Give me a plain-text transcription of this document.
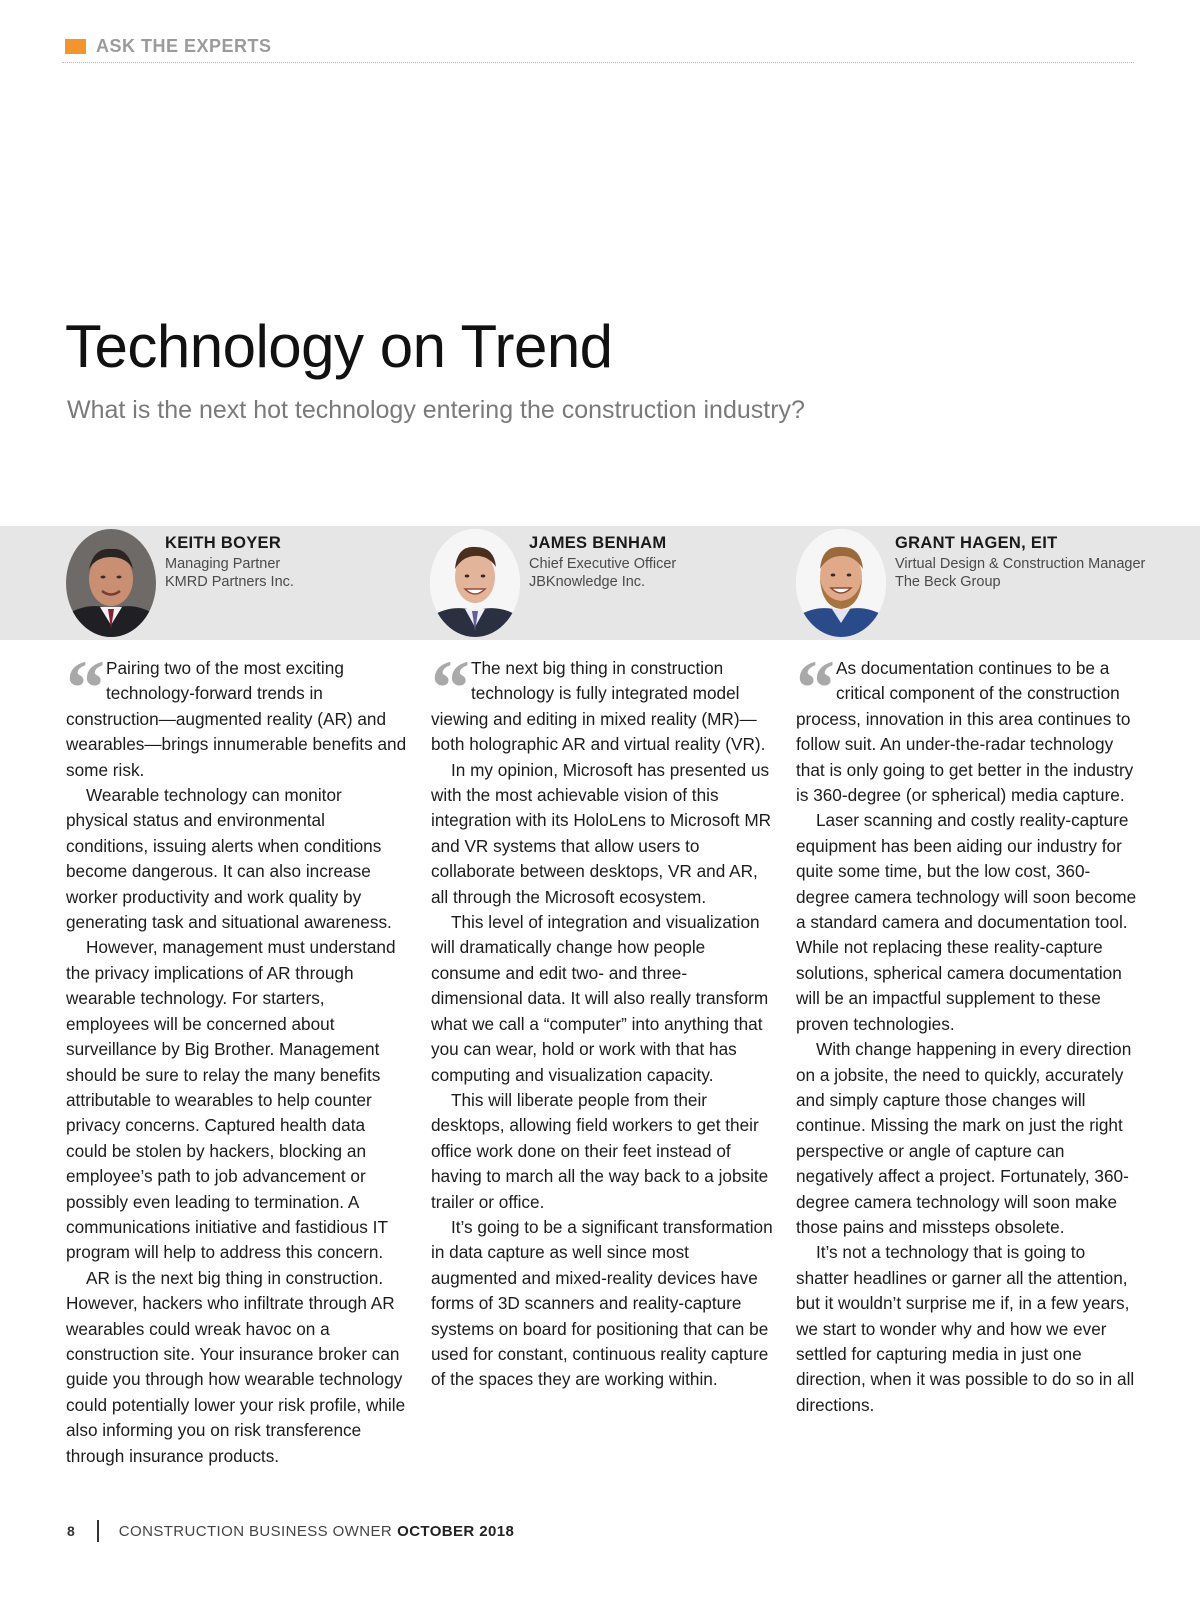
ASK THE EXPERTS
Technology on Trend
What is the next hot technology entering the construction industry?
KEITH BOYER
Managing Partner
KMRD Partners Inc.
JAMES BENHAM
Chief Executive Officer
JBKnowledge Inc.
GRANT HAGEN, EIT
Virtual Design & Construction Manager
The Beck Group
“ Pairing two of the most exciting technology-forward trends in construction—augmented reality (AR) and wearables—brings innumerable benefits and some risk.

Wearable technology can monitor physical status and environmental conditions, issuing alerts when conditions become dangerous. It can also increase worker productivity and work quality by generating task and situational awareness.

However, management must understand the privacy implications of AR through wearable technology. For starters, employees will be concerned about surveillance by Big Brother. Management should be sure to relay the many benefits attributable to wearables to help counter privacy concerns. Captured health data could be stolen by hackers, blocking an employee’s path to job advancement or possibly even leading to termination. A communications initiative and fastidious IT program will help to address this concern.

AR is the next big thing in construction. However, hackers who infiltrate through AR wearables could wreak havoc on a construction site. Your insurance broker can guide you through how wearable technology could potentially lower your risk profile, while also informing you on risk transference through insurance products.

“ The next big thing in construction technology is fully integrated model viewing and editing in mixed reality (MR)—both holographic AR and virtual reality (VR).

In my opinion, Microsoft has presented us with the most achievable vision of this integration with its HoloLens to Microsoft MR and VR systems that allow users to collaborate between desktops, VR and AR, all through the Microsoft ecosystem.

This level of integration and visualization will dramatically change how people consume and edit two- and three-dimensional data. It will also really transform what we call a “computer” into anything that you can wear, hold or work with that has computing and visualization capacity.

This will liberate people from their desktops, allowing field workers to get their office work done on their feet instead of having to march all the way back to a jobsite trailer or office.

It’s going to be a significant transformation in data capture as well since most augmented and mixed-reality devices have forms of 3D scanners and reality-capture systems on board for positioning that can be used for constant, continuous reality capture of the spaces they are working within.

“ As documentation continues to be a critical component of the construction process, innovation in this area continues to follow suit. An under-the-radar technology that is only going to get better in the industry is 360-degree (or spherical) media capture.

Laser scanning and costly reality-capture equipment has been aiding our industry for quite some time, but the low cost, 360-degree camera technology will soon become a standard camera and documentation tool. While not replacing these reality-capture solutions, spherical camera documentation will be an impactful supplement to these proven technologies.

With change happening in every direction on a jobsite, the need to quickly, accurately and simply capture those changes will continue. Missing the mark on just the right perspective or angle of capture can negatively affect a project. Fortunately, 360-degree camera technology will soon make those pains and missteps obsolete.

It’s not a technology that is going to shatter headlines or garner all the attention, but it wouldn’t surprise me if, in a few years, we start to wonder why and how we ever settled for capturing media in just one direction, when it was possible to do so in all directions.

8	CONSTRUCTION BUSINESS OWNER OCTOBER 2018
